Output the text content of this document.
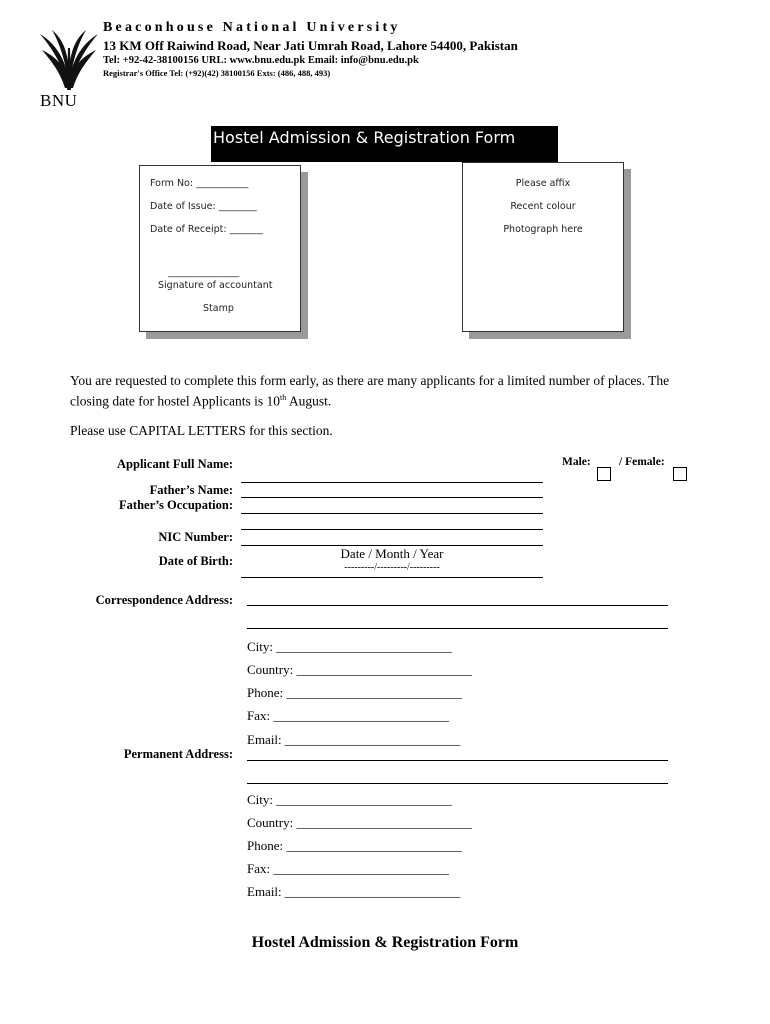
BNU
Beaconhouse National University
13 KM Off Raiwind Road, Near Jati Umrah Road, Lahore 54400, Pakistan
Tel: +92-42-38100156 URL: www.bnu.edu.pk Email: info@bnu.edu.pk
Registrar's Office Tel: (+92)(42) 38100156 Exts: (486, 488, 493)
Hostel Admission & Registration Form
Form No: ___________
Date of Issue: ________
Date of Receipt: _______
_______________
Signature of accountant
Stamp
Please affix
Recent colour
Photograph here
You are requested to complete this form early, as there are many applicants for a limited number of places. The closing date for hostel Applicants is 10th August.
Please use CAPITAL LETTERS for this section.
Applicant Full Name:	Male: / Female:
Father’s Name:
Father’s Occupation:
NIC Number:
Date / Month / Year
Date of Birth:	---------/---------/---------
Correspondence Address:
City: ___________________________
Country: ___________________________
Phone: ___________________________
Fax: ___________________________
Email: ___________________________
Permanent Address:
City: ___________________________
Country: ___________________________
Phone: ___________________________
Fax: ___________________________
Email: ___________________________
Hostel Admission & Registration Form
